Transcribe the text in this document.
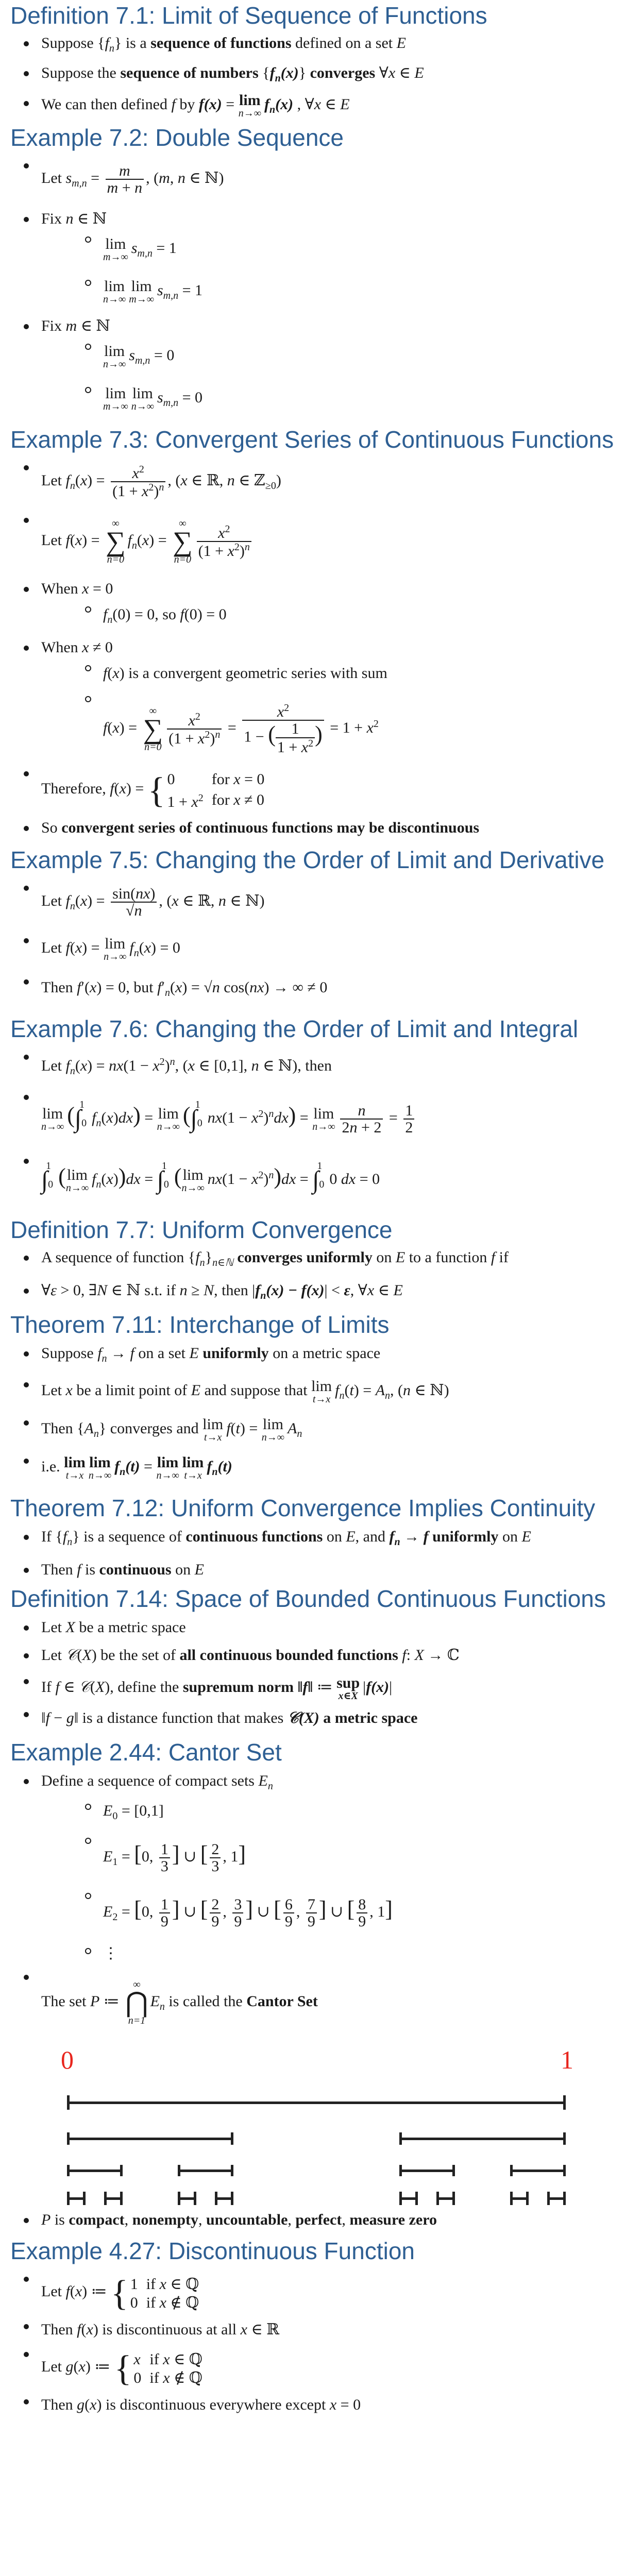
Definition 7.1: Limit of Sequence of Functions
Suppose $\{f_n\}$ is a sequence of functions defined on a set E
Suppose the sequence of numbers $\{f_n(x)\}$ converges ∀x ∈ E
We can then defined f by f(x) = lim
n→∞
$f_n(x)$ , ∀x ∈ E
Example 7.2: Double Sequence
Let $s_{m,n} = \frac{m}{m + n}$ , (m, n ∈ ℕ)
Fix n ∈ ℕ
lim
m→∞
$s_{m,n} = 1$
lim
n→∞
lim
m→∞
$s_{m,n} = 1$
Fix m ∈ ℕ
lim
n→∞
$s_{m,n} = 0$
lim
m→∞
lim
n→∞
$s_{m,n} = 0$
Example 7.3: Convergent Series of Continuous Functions
Let $f_n(x) = \frac{x^2}{(1 + x^2)^n}$ , (x ∈ ℝ, n ∈ ℤ$_{\ge 0}$)
Let f(x) =
∞
∑
n=0
$f_n(x)$ =
∞
∑
n=0
$\frac{x^2}{(1 + x^2)^n}$
When x = 0
$f_n(0) = 0$, so f(0) = 0
When x ≠ 0
f(x) is a convergent geometric series with sum
f(x) =
∞
∑
n=0
$\frac{x^2}{(1 + x^2)^n} = \frac{x^2}{1 - ( \frac{1}{1 + x^2} )} = 1 + x^2$
Therefore, f(x) = { 0	for x = 0
$1 + x^2$	for x ≠ 0
So convergent series of continuous functions may be discontinuous
Example 7.5: Changing the Order of Limit and Derivative
Let $f_n(x) = \frac{\sin(nx)}{√n}$ , (x ∈ ℝ, n ∈ ℕ)
Let f(x) = lim
n→∞
$f_n(x) = 0$
Then f′(x) = 0, but $f'_n(x) = √n$ cos(nx) → ∞ ≠ 0
Example 7.6: Changing the Order of Limit and Integral
Let $f_n(x) = nx(1 - x^2)^n$, (x ∈ [0,1], n ∈ ℕ), then
lim
n→∞ $(\int_0^1f_n(x)dx) = \lim$
n→∞ $(\int_0^1nx(1 - x^2)^ndx) = \lim$
$n\to\infty \frac{n}{2n + 2} = \frac{1}{2}$
$\int_0^1$ ( lim
n→∞
$f_n(x))dx = \int_0^1$ ( lim
n→∞
$nx(1 - x^2)^n)dx = \int_0^10$ dx = 0
Definition 7.7: Uniform Convergence
A sequence of function $\{f_n\}_{n\in ℕ}$ converges uniformly on E to a function f if
∀ε > 0, ∃N ∈ ℕ s.t. if n ≥ N, then $|f_n(x) - f(x)| < \varepsilon$, ∀x ∈ E
Theorem 7.11: Interchange of Limits
Suppose $f_n \to f$ on a set E uniformly on a metric space
Let x be a limit point of E and suppose that lim
t→x
$f_n(t) = A_n$, (n ∈ ℕ)
Then $\{A_n\}$ converges and lim
t→x
f(t) = lim
n→∞
$A_n$
i.e. lim
t→x
lim
n→∞
$f_n(t) = \lim$
n→∞
lim
t→x
$f_n(t)$
Theorem 7.12: Uniform Convergence Implies Continuity
If $\{f_n\}$ is a sequence of continuous functions on E, and $f_n \to f$ uniformly on E
Then f is continuous on E
Definition 7.14: Space of Bounded Continuous Functions
Let X be a metric space
Let 𝒞(X) be the set of all continuous bounded functions f: X → ℂ
If f ∈ 𝒞(X), define the supremum norm ‖f‖ ≔ sup
x∈X
|f(x)|
‖f − g‖ is a distance function that makes 𝒞(X) a metric space
Example 2.44: Cantor Set
Define a sequence of compact sets $E_n$
$E_0 = [0,1]$
$E_1 = [0$, $\frac{1}{3}$ ] ∪ [ $\frac{2}{3}$ , 1]
$E_2 = [0$, $\frac{1}{9}$ ] ∪ [ $\frac{2}{9}$ , $\frac{3}{9}$ ] ∪ [ $\frac{6}{9}$ , $\frac{7}{9}$ ] ∪ [ $\frac{8}{9}$ , 1]
⋮
The set P ≔
∞
⋂
n=1
$E_n$ is called the Cantor Set
0	1
P is compact, nonempty, uncountable, perfect, measure zero
Example 4.27: Discontinuous Function
Let f(x) ≔ { 1	if x ∈ ℚ
0	if x ∉ ℚ
Then f(x) is discontinuous at all x ∈ ℝ
Let g(x) ≔ { x	if x ∈ ℚ
0	if x ∉ ℚ
Then g(x) is discontinuous everywhere except x = 0
